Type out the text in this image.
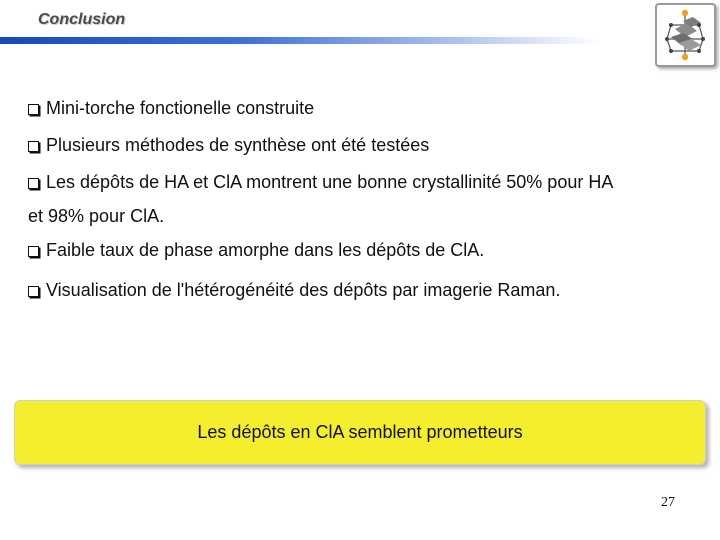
Conclusion
Mini-torche fonctionelle construite
Plusieurs méthodes de synthèse ont été testées
Les dépôts de HA et ClA montrent une bonne crystallinité 50% pour HA
et 98% pour ClA.
Faible taux de phase amorphe dans les dépôts de ClA.
Visualisation de l'hétérogénéité des dépôts par imagerie Raman.
Les dépôts en ClA semblent prometteurs
27
